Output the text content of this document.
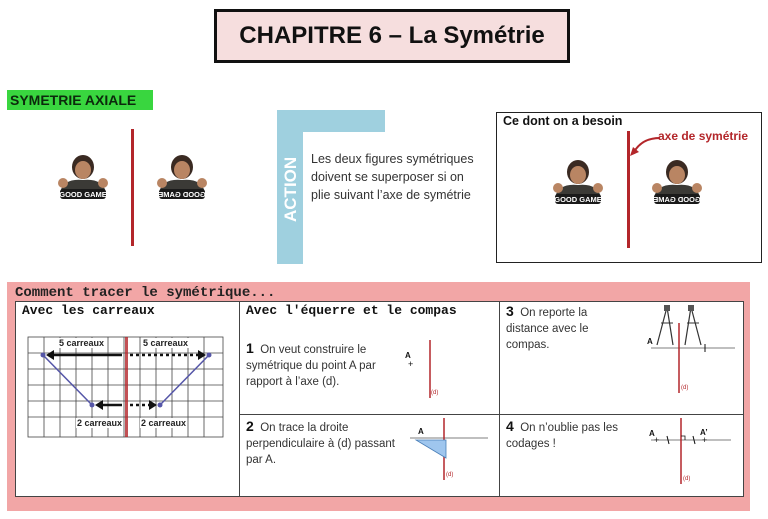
CHAPITRE 6 – La Symétrie
SYMETRIE AXIALE
GOOD GAME	GOOD GAME	ACTION Les deux figures symétriques doivent se superposer si on plie suivant l’axe de symétrie
Ce dont on a besoin
axe de symétrie
GOOD GAME	GOOD GAME
Comment tracer le symétrique...
Avec les carreaux	Avec l'équerre et le compas
5 carreaux	5 carreaux
2 carreaux 2 carreaux
1 On veut construire le symétrique du point A par rapport à l’axe (d).
A
+
(d)
2 On trace la droite perpendiculaire à (d) passant par A.
A
(d)
3 On reporte la distance avec le compas.	A
(d)
4 On n’oublie pas les codages !
A
+
A’
+
(d)
